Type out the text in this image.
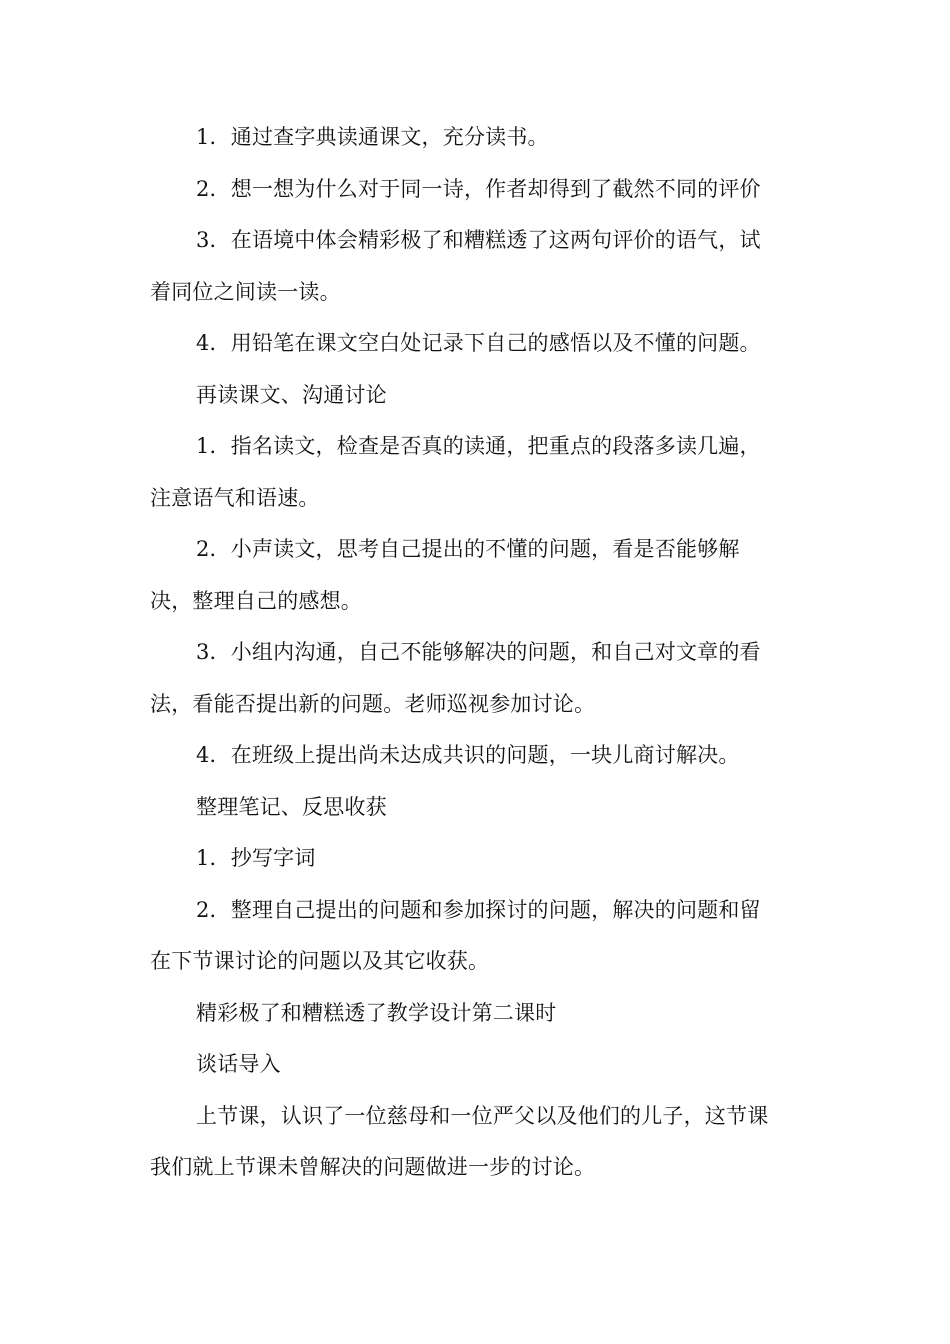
1．通过查字典读通课文，充分读书。

2．想一想为什么对于同一诗，作者却得到了截然不同的评价

3．在语境中体会精彩极了和糟糕透了这两句评价的语气，试

着同位之间读一读。

4．用铅笔在课文空白处记录下自己的感悟以及不懂的问题。

再读课文、沟通讨论

1．指名读文，检查是否真的读通，把重点的段落多读几遍，

注意语气和语速。

2．小声读文，思考自己提出的不懂的问题，看是否能够解

决，整理自己的感想。

3．小组内沟通，自己不能够解决的问题，和自己对文章的看

法，看能否提出新的问题。老师巡视参加讨论。

4．在班级上提出尚未达成共识的问题，一块儿商讨解决。

整理笔记、反思收获

1．抄写字词

2．整理自己提出的问题和参加探讨的问题，解决的问题和留

在下节课讨论的问题以及其它收获。

精彩极了和糟糕透了教学设计第二课时

谈话导入

上节课，认识了一位慈母和一位严父以及他们的儿子，这节课

我们就上节课未曾解决的问题做进一步的讨论。
